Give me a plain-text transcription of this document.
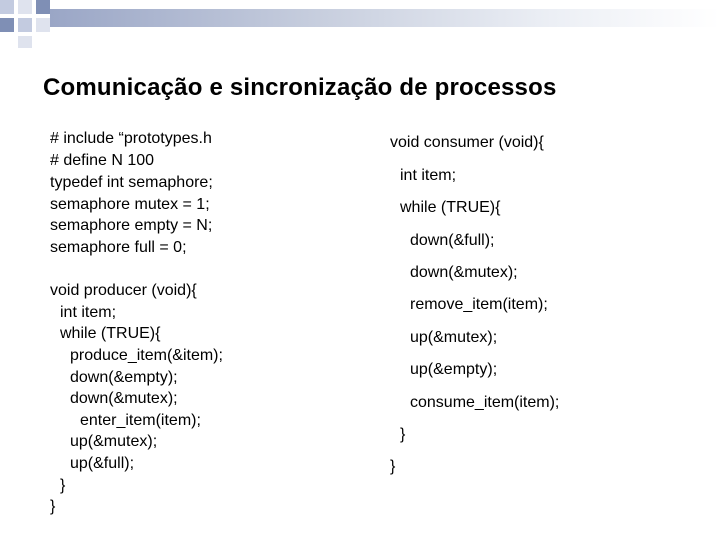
Comunicação e sincronização de processos
# include “prototypes.h
# define N 100
typedef int semaphore;
semaphore mutex = 1;
semaphore empty = N;
semaphore full = 0;
void producer (void){
int item;
while (TRUE){
produce_item(&item);
down(&empty);
down(&mutex);
enter_item(item);
up(&mutex);
up(&full);
}
}
void consumer (void){
int item;
while (TRUE){
down(&full);
down(&mutex);
remove_item(item);
up(&mutex);
up(&empty);
consume_item(item);
}
}
